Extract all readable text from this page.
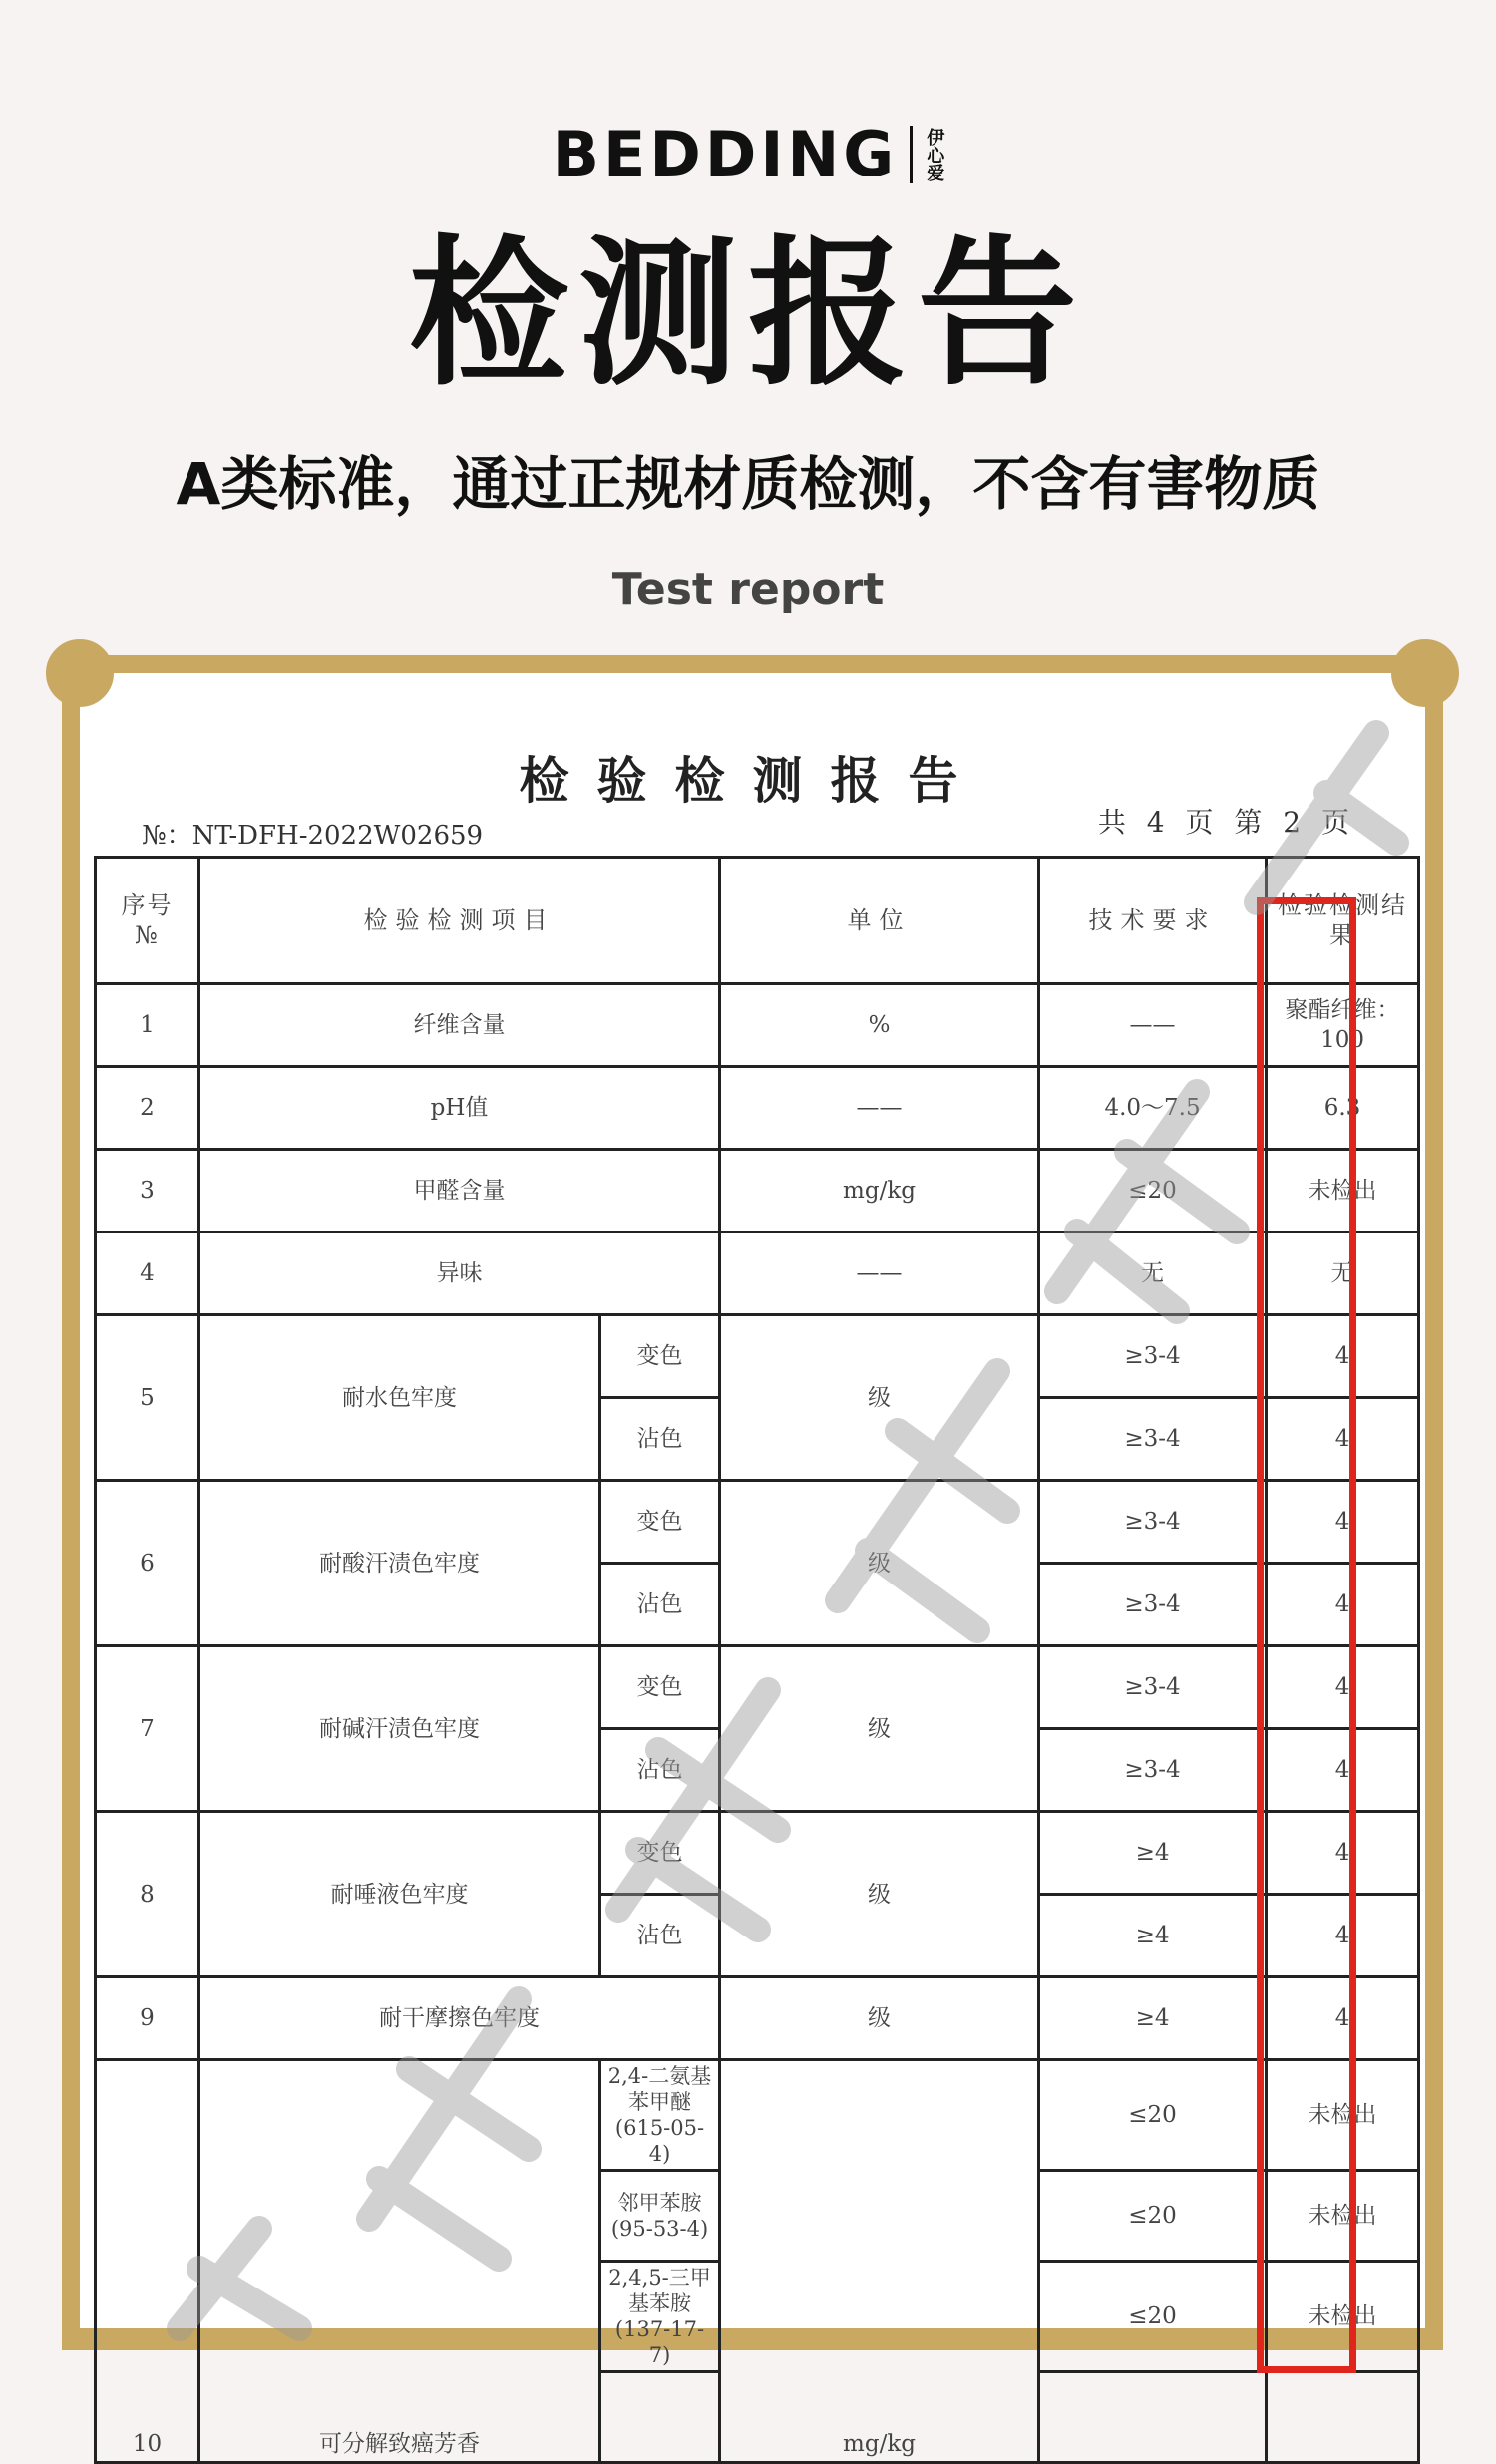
BEDDING 伊心爱
检测报告
A类标准，通过正规材质检测，不含有害物质
Test report
检验检测报告
№：NT-DFH-2022W02659	共 4 页 第 2 页
序号
№	检验检测项目		单位	技术要求	检验检测结果	
1	纤维含量		%	——	聚酯纤维：100	
2	pH值		——	4.0～7.5	6.3	
3	甲醛含量		mg/kg	≤20	未检出	
4	异味		——	无	无	
5	耐水色牢度	变色	级	≥3-4	4	
		沾色		≥3-4	4	
6	耐酸汗渍色牢度	变色	级	≥3-4	4	
		沾色		≥3-4	4	
7	耐碱汗渍色牢度	变色	级	≥3-4	4	
		沾色		≥3-4	4	
8	耐唾液色牢度	变色	级	≥4	4	
		沾色		≥4	4	
9	耐干摩擦色牢度		级	≥4	4	
10	可分解致癌芳香	2,4-二氨基苯甲醚(615-05-4)	mg/kg	≤20	未检出	
		邻甲苯胺(95-53-4)		≤20	未检出	
		2,4,5-三甲基苯胺(137-17-7)		≤20	未检出	
